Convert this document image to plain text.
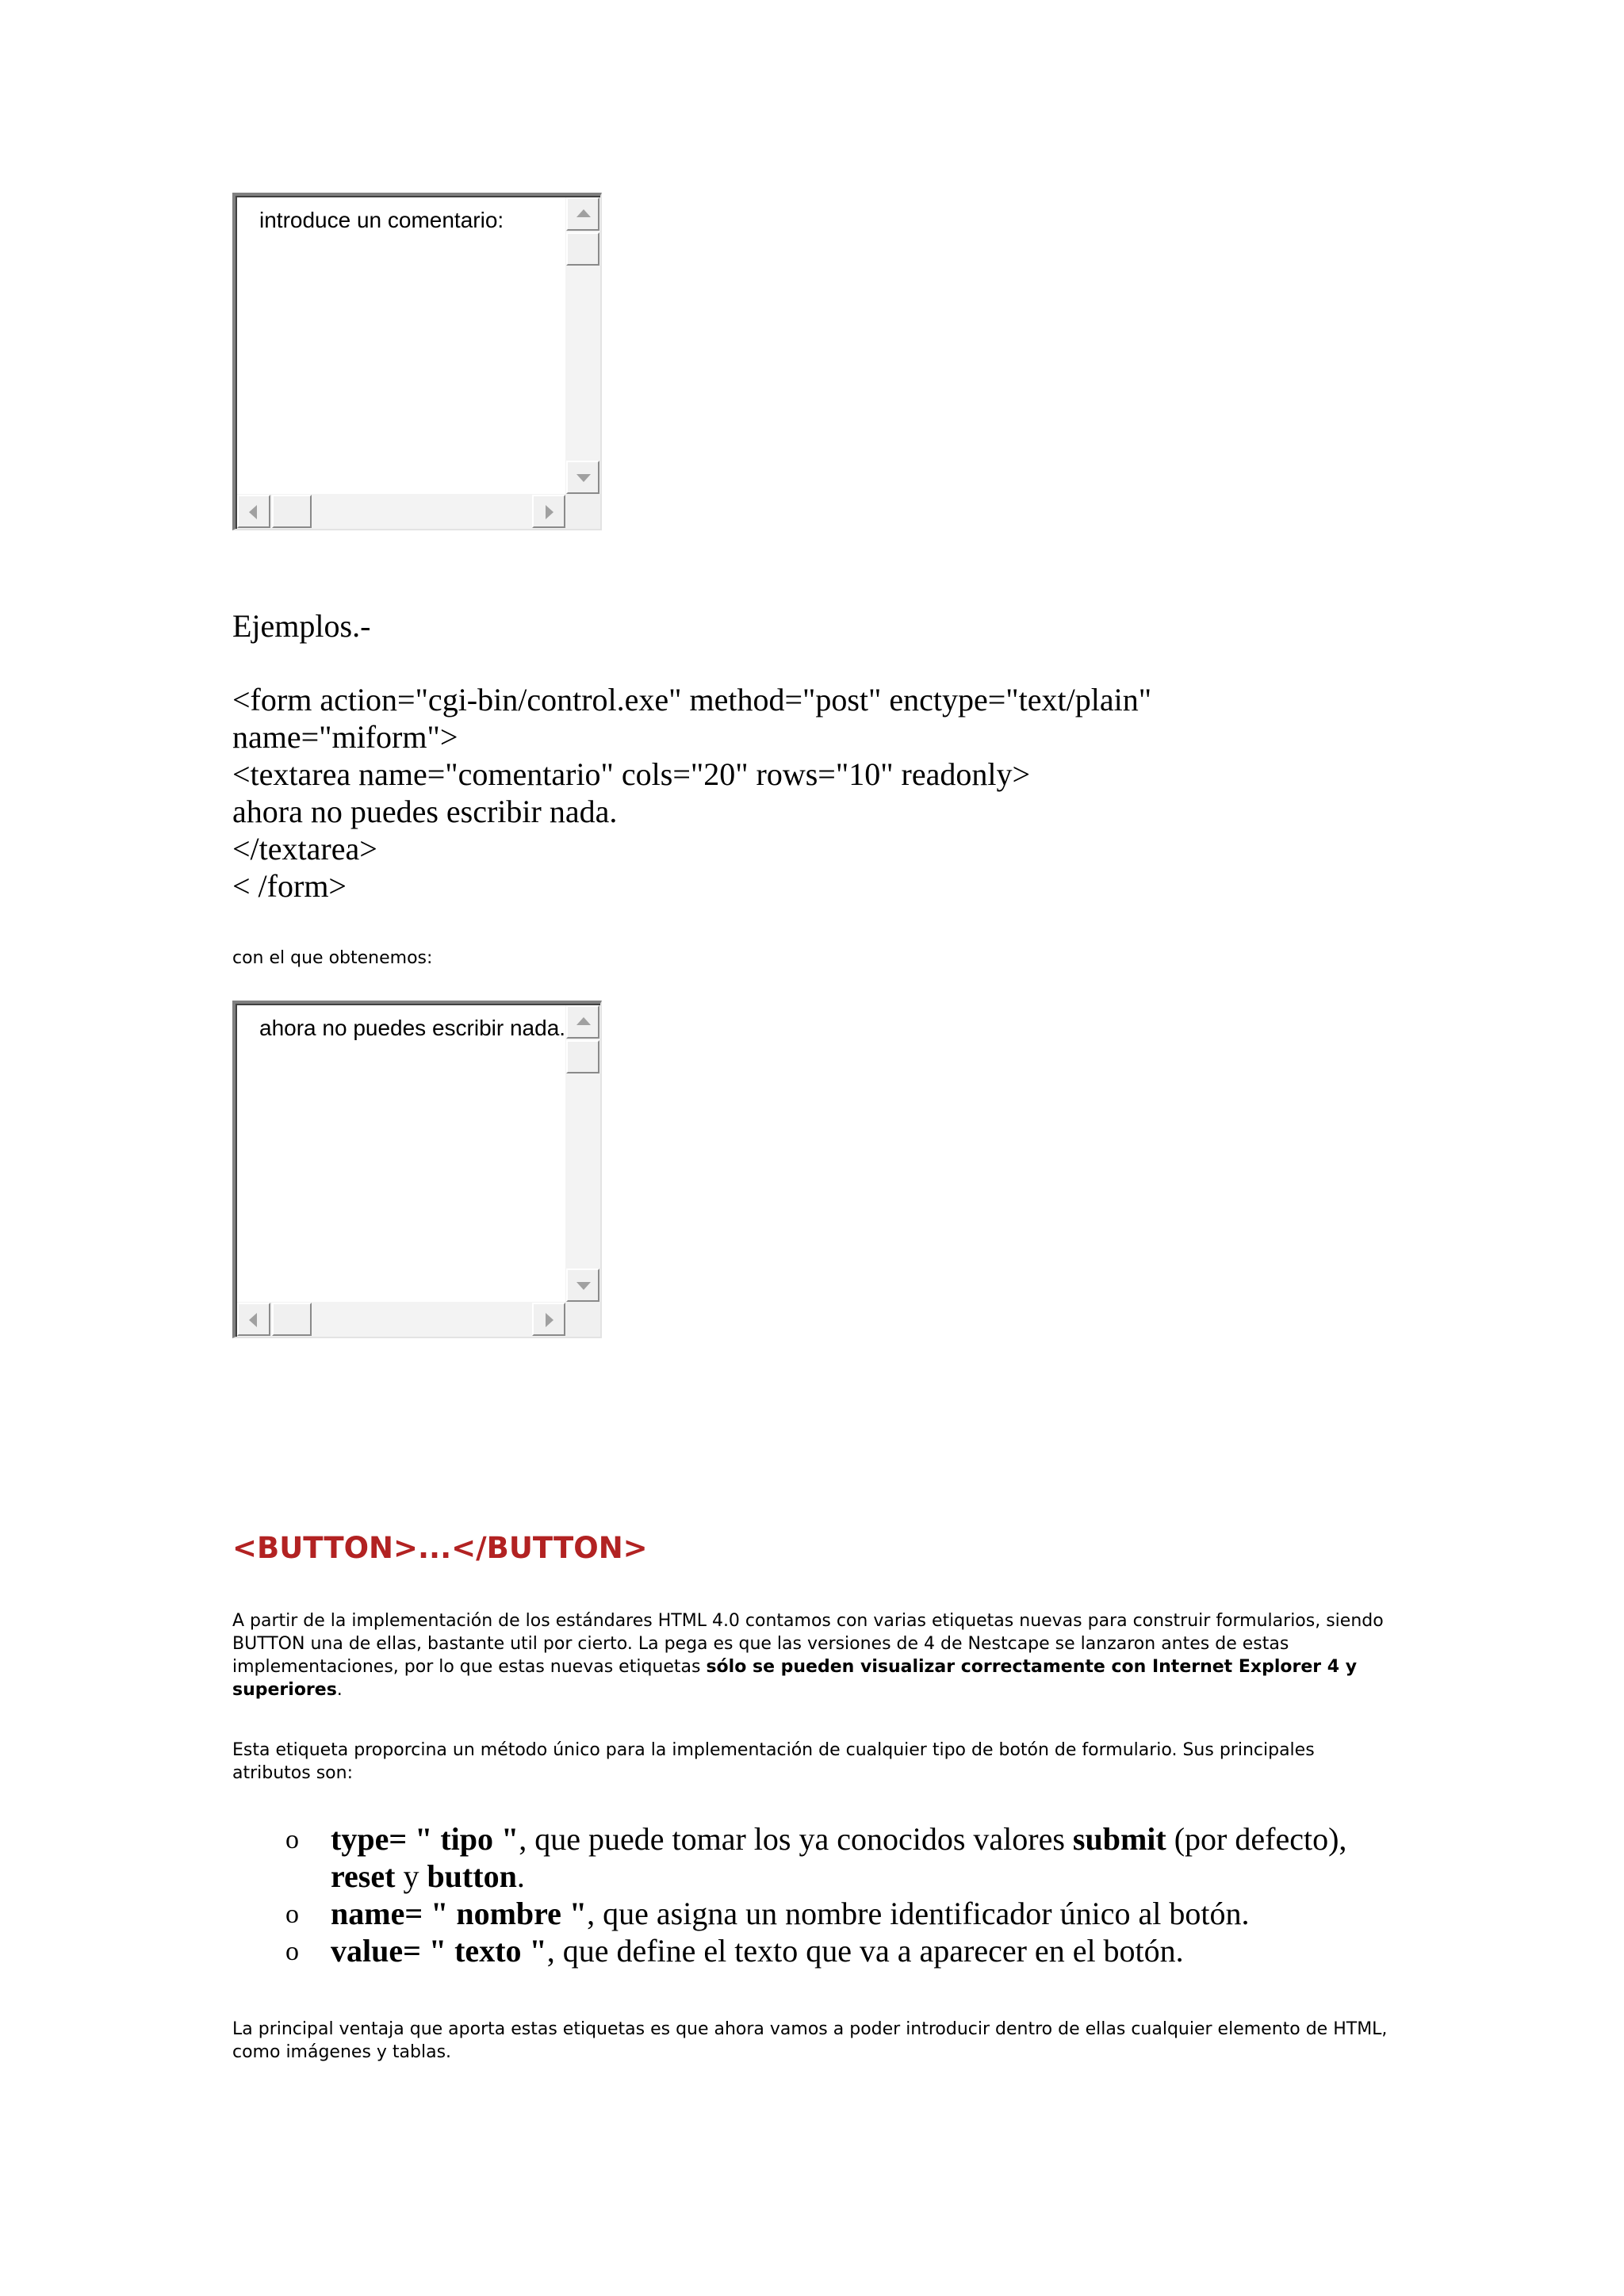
introduce un comentario:

Ejemplos.-

<form action="cgi-bin/control.exe" method="post" enctype="text/plain"
name="miform">
<textarea name="comentario" cols="20" rows="10" readonly>
ahora no puedes escribir nada.
</textarea>
< /form>

con el que obtenemos:

ahora no puedes escribir nada.
<BUTTON>...</BUTTON>

A partir de la implementación de los estándares HTML 4.0 contamos con varias etiquetas nuevas para construir formularios, siendo BUTTON una de ellas, bastante util por cierto. La pega es que las versiones de 4 de Nestcape se lanzaron antes de estas implementaciones, por lo que estas nuevas etiquetas sólo se pueden visualizar correctamente con Internet Explorer 4 y superiores.

Esta etiqueta proporcina un método único para la implementación de cualquier tipo de botón de formulario. Sus principales atributos son:

o type= " tipo ", que puede tomar los ya conocidos valores submit (por defecto), reset y button.
o name= " nombre ", que asigna un nombre identificador único al botón.
o value= " texto ", que define el texto que va a aparecer en el botón.

La principal ventaja que aporta estas etiquetas es que ahora vamos a poder introducir dentro de ellas cualquier elemento de HTML, como imágenes y tablas.
